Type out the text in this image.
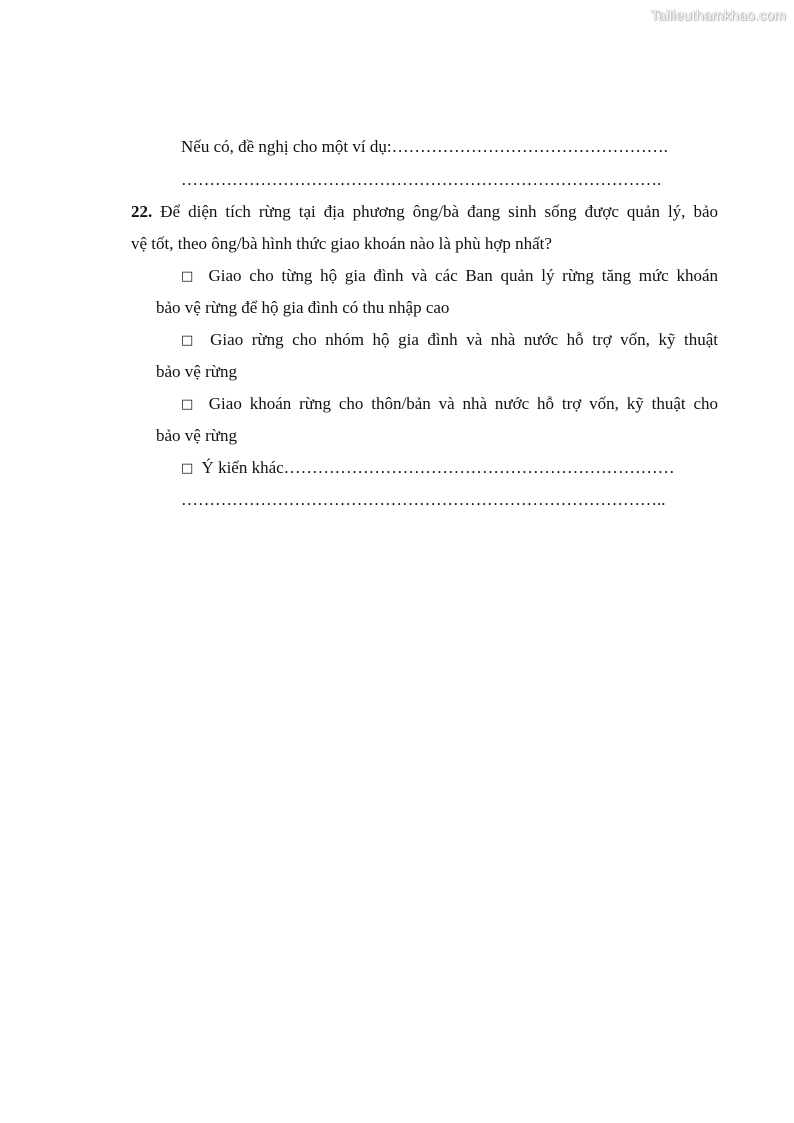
Tailieuthamkhao.com
Nếu có, đề nghị cho một ví dụ:………………………………………….
………………………………………………………………………….
22. Để diện tích rừng tại địa phương ông/bà đang sinh sống được quản lý, bảo
vệ tốt, theo ông/bà hình thức giao khoán nào là phù hợp nhất?
□ Giao cho từng hộ gia đình và các Ban quản lý rừng tăng mức khoán
bảo vệ rừng để hộ gia đình có thu nhập cao
□ Giao rừng cho nhóm hộ gia đình và nhà nước hỗ trợ vốn, kỹ thuật
bảo vệ rừng
□ Giao khoán rừng cho thôn/bản và nhà nước hỗ trợ vốn, kỹ thuật cho
bảo vệ rừng
□ Ý kiến khác……………………………………………………………
…………………………………………………………………………..
